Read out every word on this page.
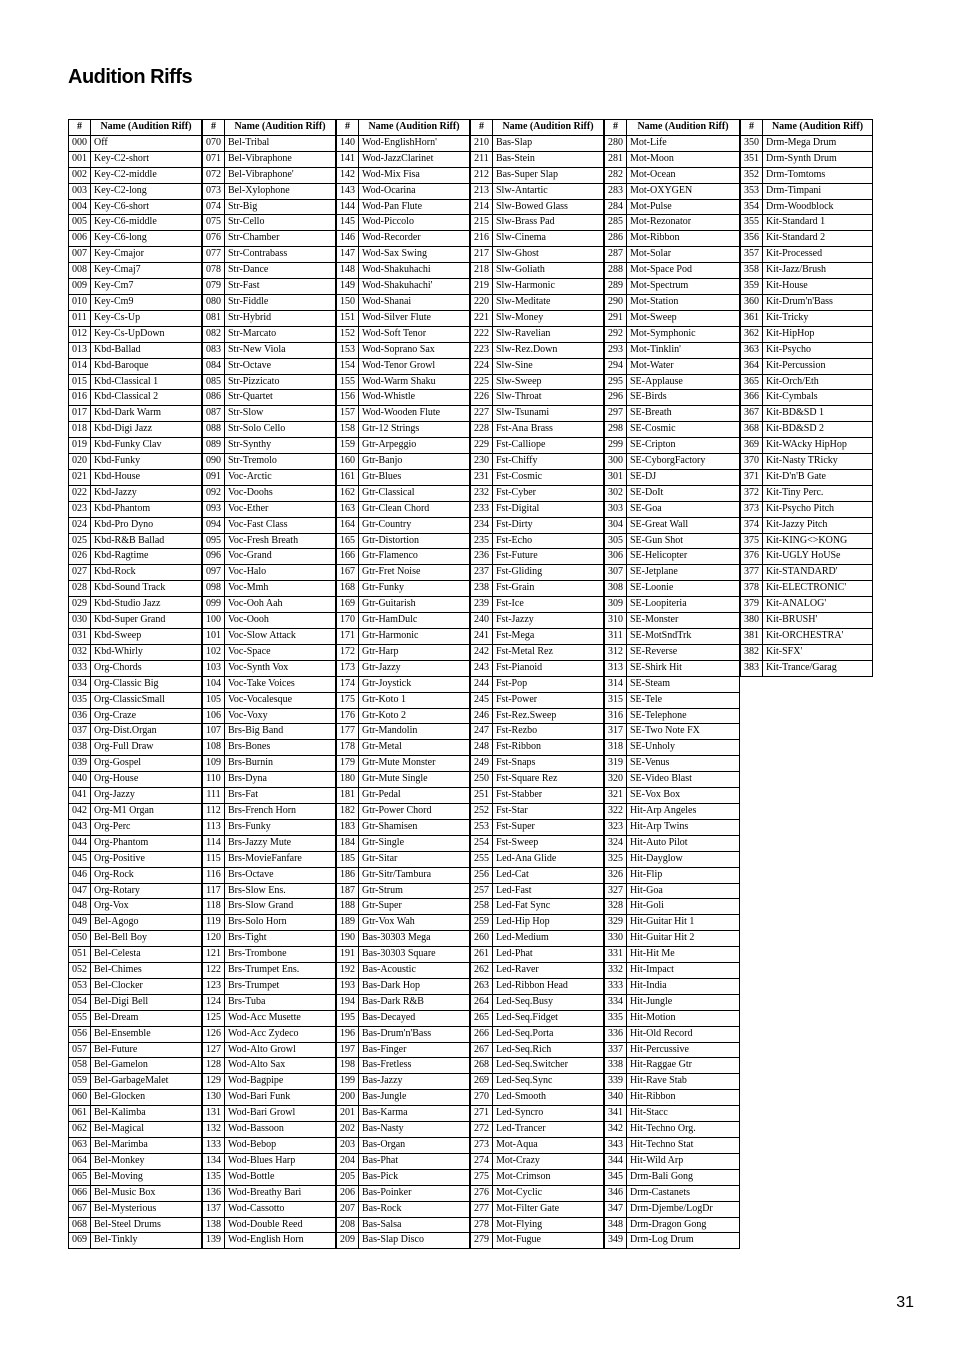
Audition Riffs
#	Name (Audition Riff)
000	Off
001	Key-C2-short
002	Key-C2-middle
003	Key-C2-long
004	Key-C6-short
005	Key-C6-middle
006	Key-C6-long
007	Key-Cmajor
008	Key-Cmaj7
009	Key-Cm7
010	Key-Cm9
011	Key-Cs-Up
012	Key-Cs-UpDown
013	Kbd-Ballad
014	Kbd-Baroque
015	Kbd-Classical 1
016	Kbd-Classical 2
017	Kbd-Dark Warm
018	Kbd-Digi Jazz
019	Kbd-Funky Clav
020	Kbd-Funky
021	Kbd-House
022	Kbd-Jazzy
023	Kbd-Phantom
024	Kbd-Pro Dyno
025	Kbd-R&B Ballad
026	Kbd-Ragtime
027	Kbd-Rock
028	Kbd-Sound Track
029	Kbd-Studio Jazz
030	Kbd-Super Grand
031	Kbd-Sweep
032	Kbd-Whirly
033	Org-Chords
034	Org-Classic Big
035	Org-ClassicSmall
036	Org-Craze
037	Org-Dist.Organ
038	Org-Full Draw
039	Org-Gospel
040	Org-House
041	Org-Jazzy
042	Org-M1 Organ
043	Org-Perc
044	Org-Phantom
045	Org-Positive
046	Org-Rock
047	Org-Rotary
048	Org-Vox
049	Bel-Agogo
050	Bel-Bell Boy
051	Bel-Celesta
052	Bel-Chimes
053	Bel-Clocker
054	Bel-Digi Bell
055	Bel-Dream
056	Bel-Ensemble
057	Bel-Future
058	Bel-Gamelon
059	Bel-GarbageMalet
060	Bel-Glocken
061	Bel-Kalimba
062	Bel-Magical
063	Bel-Marimba
064	Bel-Monkey
065	Bel-Moving
066	Bel-Music Box
067	Bel-Mysterious
068	Bel-Steel Drums
069	Bel-Tinkly
#	Name (Audition Riff)
070	Bel-Tribal
071	Bel-Vibraphone
072	Bel-Vibraphone'
073	Bel-Xylophone
074	Str-Big
075	Str-Cello
076	Str-Chamber
077	Str-Contrabass
078	Str-Dance
079	Str-Fast
080	Str-Fiddle
081	Str-Hybrid
082	Str-Marcato
083	Str-New Viola
084	Str-Octave
085	Str-Pizzicato
086	Str-Quartet
087	Str-Slow
088	Str-Solo Cello
089	Str-Synthy
090	Str-Tremolo
091	Voc-Arctic
092	Voc-Doohs
093	Voc-Ether
094	Voc-Fast Class
095	Voc-Fresh Breath
096	Voc-Grand
097	Voc-Halo
098	Voc-Mmh
099	Voc-Ooh Aah
100	Voc-Oooh
101	Voc-Slow Attack
102	Voc-Space
103	Voc-Synth Vox
104	Voc-Take Voices
105	Voc-Vocalesque
106	Voc-Voxy
107	Brs-Big Band
108	Brs-Bones
109	Brs-Burnin
110	Brs-Dyna
111	Brs-Fat
112	Brs-French Horn
113	Brs-Funky
114	Brs-Jazzy Mute
115	Brs-MovieFanfare
116	Brs-Octave
117	Brs-Slow Ens.
118	Brs-Slow Grand
119	Brs-Solo Horn
120	Brs-Tight
121	Brs-Trombone
122	Brs-Trumpet Ens.
123	Brs-Trumpet
124	Brs-Tuba
125	Wod-Acc Musette
126	Wod-Acc Zydeco
127	Wod-Alto Growl
128	Wod-Alto Sax
129	Wod-Bagpipe
130	Wod-Bari Funk
131	Wod-Bari Growl
132	Wod-Bassoon
133	Wod-Bebop
134	Wod-Blues Harp
135	Wod-Bottle
136	Wod-Breathy Bari
137	Wod-Cassotto
138	Wod-Double Reed
139	Wod-English Horn
#	Name (Audition Riff)
140	Wod-EnglishHorn'
141	Wod-JazzClarinet
142	Wod-Mix Fisa
143	Wod-Ocarina
144	Wod-Pan Flute
145	Wod-Piccolo
146	Wod-Recorder
147	Wod-Sax Swing
148	Wod-Shakuhachi
149	Wod-Shakuhachi'
150	Wod-Shanai
151	Wod-Silver Flute
152	Wod-Soft Tenor
153	Wod-Soprano Sax
154	Wod-Tenor Growl
155	Wod-Warm Shaku
156	Wod-Whistle
157	Wod-Wooden Flute
158	Gtr-12 Strings
159	Gtr-Arpeggio
160	Gtr-Banjo
161	Gtr-Blues
162	Gtr-Classical
163	Gtr-Clean Chord
164	Gtr-Country
165	Gtr-Distortion
166	Gtr-Flamenco
167	Gtr-Fret Noise
168	Gtr-Funky
169	Gtr-Guitarish
170	Gtr-HamDulc
171	Gtr-Harmonic
172	Gtr-Harp
173	Gtr-Jazzy
174	Gtr-Joystick
175	Gtr-Koto 1
176	Gtr-Koto 2
177	Gtr-Mandolin
178	Gtr-Metal
179	Gtr-Mute Monster
180	Gtr-Mute Single
181	Gtr-Pedal
182	Gtr-Power Chord
183	Gtr-Shamisen
184	Gtr-Single
185	Gtr-Sitar
186	Gtr-Sitr/Tambura
187	Gtr-Strum
188	Gtr-Super
189	Gtr-Vox Wah
190	Bas-30303 Mega
191	Bas-30303 Square
192	Bas-Acoustic
193	Bas-Dark Hop
194	Bas-Dark R&B
195	Bas-Decayed
196	Bas-Drum'n'Bass
197	Bas-Finger
198	Bas-Fretless
199	Bas-Jazzy
200	Bas-Jungle
201	Bas-Karma
202	Bas-Nasty
203	Bas-Organ
204	Bas-Phat
205	Bas-Pick
206	Bas-Poinker
207	Bas-Rock
208	Bas-Salsa
209	Bas-Slap Disco
#	Name (Audition Riff)
210	Bas-Slap
211	Bas-Stein
212	Bas-Super Slap
213	Slw-Antartic
214	Slw-Bowed Glass
215	Slw-Brass Pad
216	Slw-Cinema
217	Slw-Ghost
218	Slw-Goliath
219	Slw-Harmonic
220	Slw-Meditate
221	Slw-Money
222	Slw-Ravelian
223	Slw-Rez.Down
224	Slw-Sine
225	Slw-Sweep
226	Slw-Throat
227	Slw-Tsunami
228	Fst-Ana Brass
229	Fst-Calliope
230	Fst-Chiffy
231	Fst-Cosmic
232	Fst-Cyber
233	Fst-Digital
234	Fst-Dirty
235	Fst-Echo
236	Fst-Future
237	Fst-Gliding
238	Fst-Grain
239	Fst-Ice
240	Fst-Jazzy
241	Fst-Mega
242	Fst-Metal Rez
243	Fst-Pianoid
244	Fst-Pop
245	Fst-Power
246	Fst-Rez.Sweep
247	Fst-Rezbo
248	Fst-Ribbon
249	Fst-Snaps
250	Fst-Square Rez
251	Fst-Stabber
252	Fst-Star
253	Fst-Super
254	Fst-Sweep
255	Led-Ana Glide
256	Led-Cat
257	Led-Fast
258	Led-Fat Sync
259	Led-Hip Hop
260	Led-Medium
261	Led-Phat
262	Led-Raver
263	Led-Ribbon Head
264	Led-Seq.Busy
265	Led-Seq.Fidget
266	Led-Seq.Porta
267	Led-Seq.Rich
268	Led-Seq.Switcher
269	Led-Seq.Sync
270	Led-Smooth
271	Led-Syncro
272	Led-Trancer
273	Mot-Aqua
274	Mot-Crazy
275	Mot-Crimson
276	Mot-Cyclic
277	Mot-Filter Gate
278	Mot-Flying
279	Mot-Fugue
#	Name (Audition Riff)
280	Mot-Life
281	Mot-Moon
282	Mot-Ocean
283	Mot-OXYGEN
284	Mot-Pulse
285	Mot-Rezonator
286	Mot-Ribbon
287	Mot-Solar
288	Mot-Space Pod
289	Mot-Spectrum
290	Mot-Station
291	Mot-Sweep
292	Mot-Symphonic
293	Mot-Tinklin'
294	Mot-Water
295	SE-Applause
296	SE-Birds
297	SE-Breath
298	SE-Cosmic
299	SE-Cripton
300	SE-CyborgFactory
301	SE-DJ
302	SE-DoIt
303	SE-Goa
304	SE-Great Wall
305	SE-Gun Shot
306	SE-Helicopter
307	SE-Jetplane
308	SE-Loonie
309	SE-Loopiteria
310	SE-Monster
311	SE-MotSndTrk
312	SE-Reverse
313	SE-Shirk Hit
314	SE-Steam
315	SE-Tele
316	SE-Telephone
317	SE-Two Note FX
318	SE-Unholy
319	SE-Venus
320	SE-Video Blast
321	SE-Vox Box
322	Hit-Arp Angeles
323	Hit-Arp Twins
324	Hit-Auto Pilot
325	Hit-Dayglow
326	Hit-Flip
327	Hit-Goa
328	Hit-Goli
329	Hit-Guitar Hit 1
330	Hit-Guitar Hit 2
331	Hit-Hit Me
332	Hit-Impact
333	Hit-India
334	Hit-Jungle
335	Hit-Motion
336	Hit-Old Record
337	Hit-Percussive
338	Hit-Raggae Gtr
339	Hit-Rave Stab
340	Hit-Ribbon
341	Hit-Stacc
342	Hit-Techno Org.
343	Hit-Techno Stat
344	Hit-Wild Arp
345	Drm-Bali Gong
346	Drm-Castanets
347	Drm-Djembe/LogDr
348	Drm-Dragon Gong
349	Drm-Log Drum
#	Name (Audition Riff)
350	Drm-Mega Drum
351	Drm-Synth Drum
352	Drm-Tomtoms
353	Drm-Timpani
354	Drm-Woodblock
355	Kit-Standard 1
356	Kit-Standard 2
357	Kit-Processed
358	Kit-Jazz/Brush
359	Kit-House
360	Kit-Drum'n'Bass
361	Kit-Tricky
362	Kit-HipHop
363	Kit-Psycho
364	Kit-Percussion
365	Kit-Orch/Eth
366	Kit-Cymbals
367	Kit-BD&SD 1
368	Kit-BD&SD 2
369	Kit-WAcky HipHop
370	Kit-Nasty TRicky
371	Kit-D'n'B Gate
372	Kit-Tiny Perc.
373	Kit-Psycho Pitch
374	Kit-Jazzy Pitch
375	Kit-KING<>KONG
376	Kit-UGLY HoUSe
377	Kit-STANDARD'
378	Kit-ELECTRONIC'
379	Kit-ANALOG'
380	Kit-BRUSH'
381	Kit-ORCHESTRA'
382	Kit-SFX'
383	Kit-Trance/Garag
31
